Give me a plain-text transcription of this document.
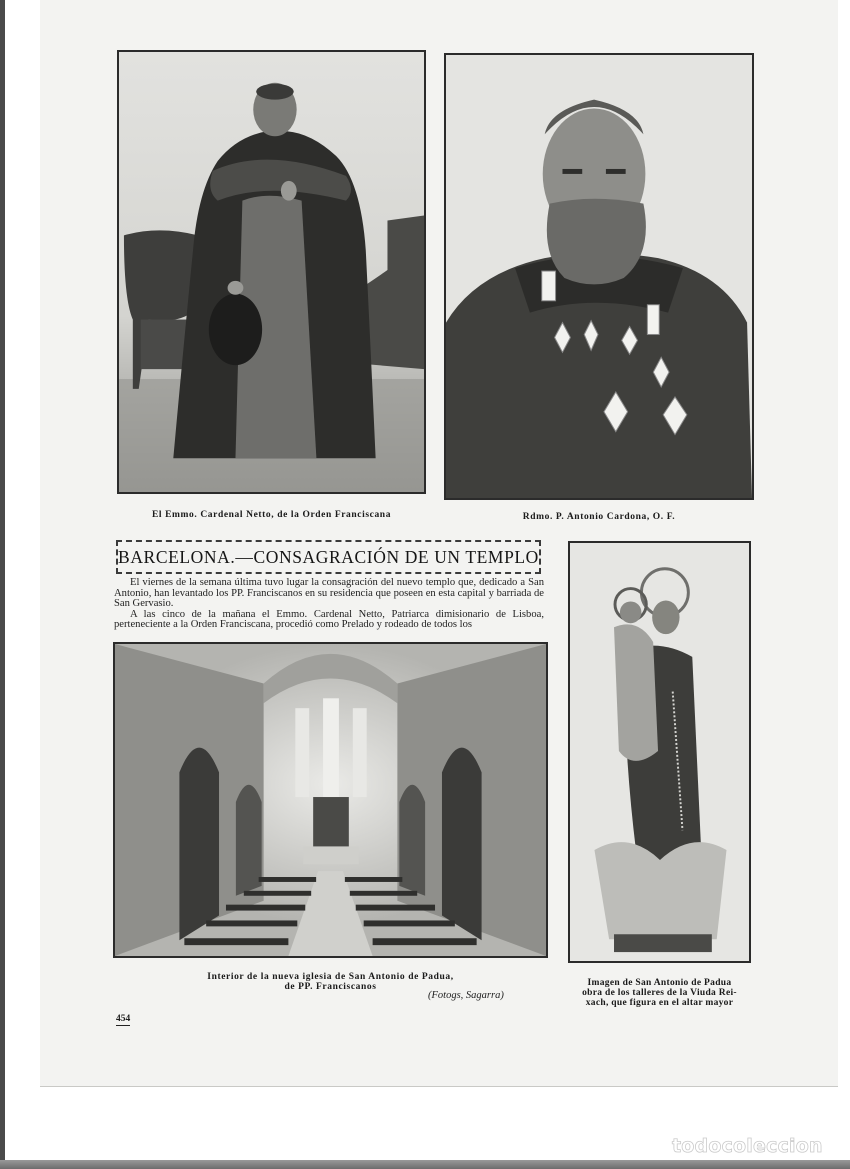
El Emmo. Cardenal Netto, de la Orden Franciscana	Rdmo. P. Antonio Cardona, O. F.
BARCELONA.—CONSAGRACIÓN DE UN TEMPLO

El viernes de la semana última tuvo lugar la consagración del nuevo templo que, dedicado a San Antonio, han levantado los PP. Franciscanos en su residencia que poseen en esta capital y barriada de San Gervasio.

A las cinco de la mañana el Emmo. Cardenal Netto, Patriarca dimisionario de Lisboa, perteneciente a la Orden Franciscana, procedió como Prelado y rodeado de todos los

Interior de la nueva iglesia de San Antonio de Padua,
de PP. Franciscanos
(Fotogs, Sagarra)
Imagen de San Antonio de Padua
obra de los talleres de la Viuda Rei-
xach, que figura en el altar mayor
454
todocoleccion
